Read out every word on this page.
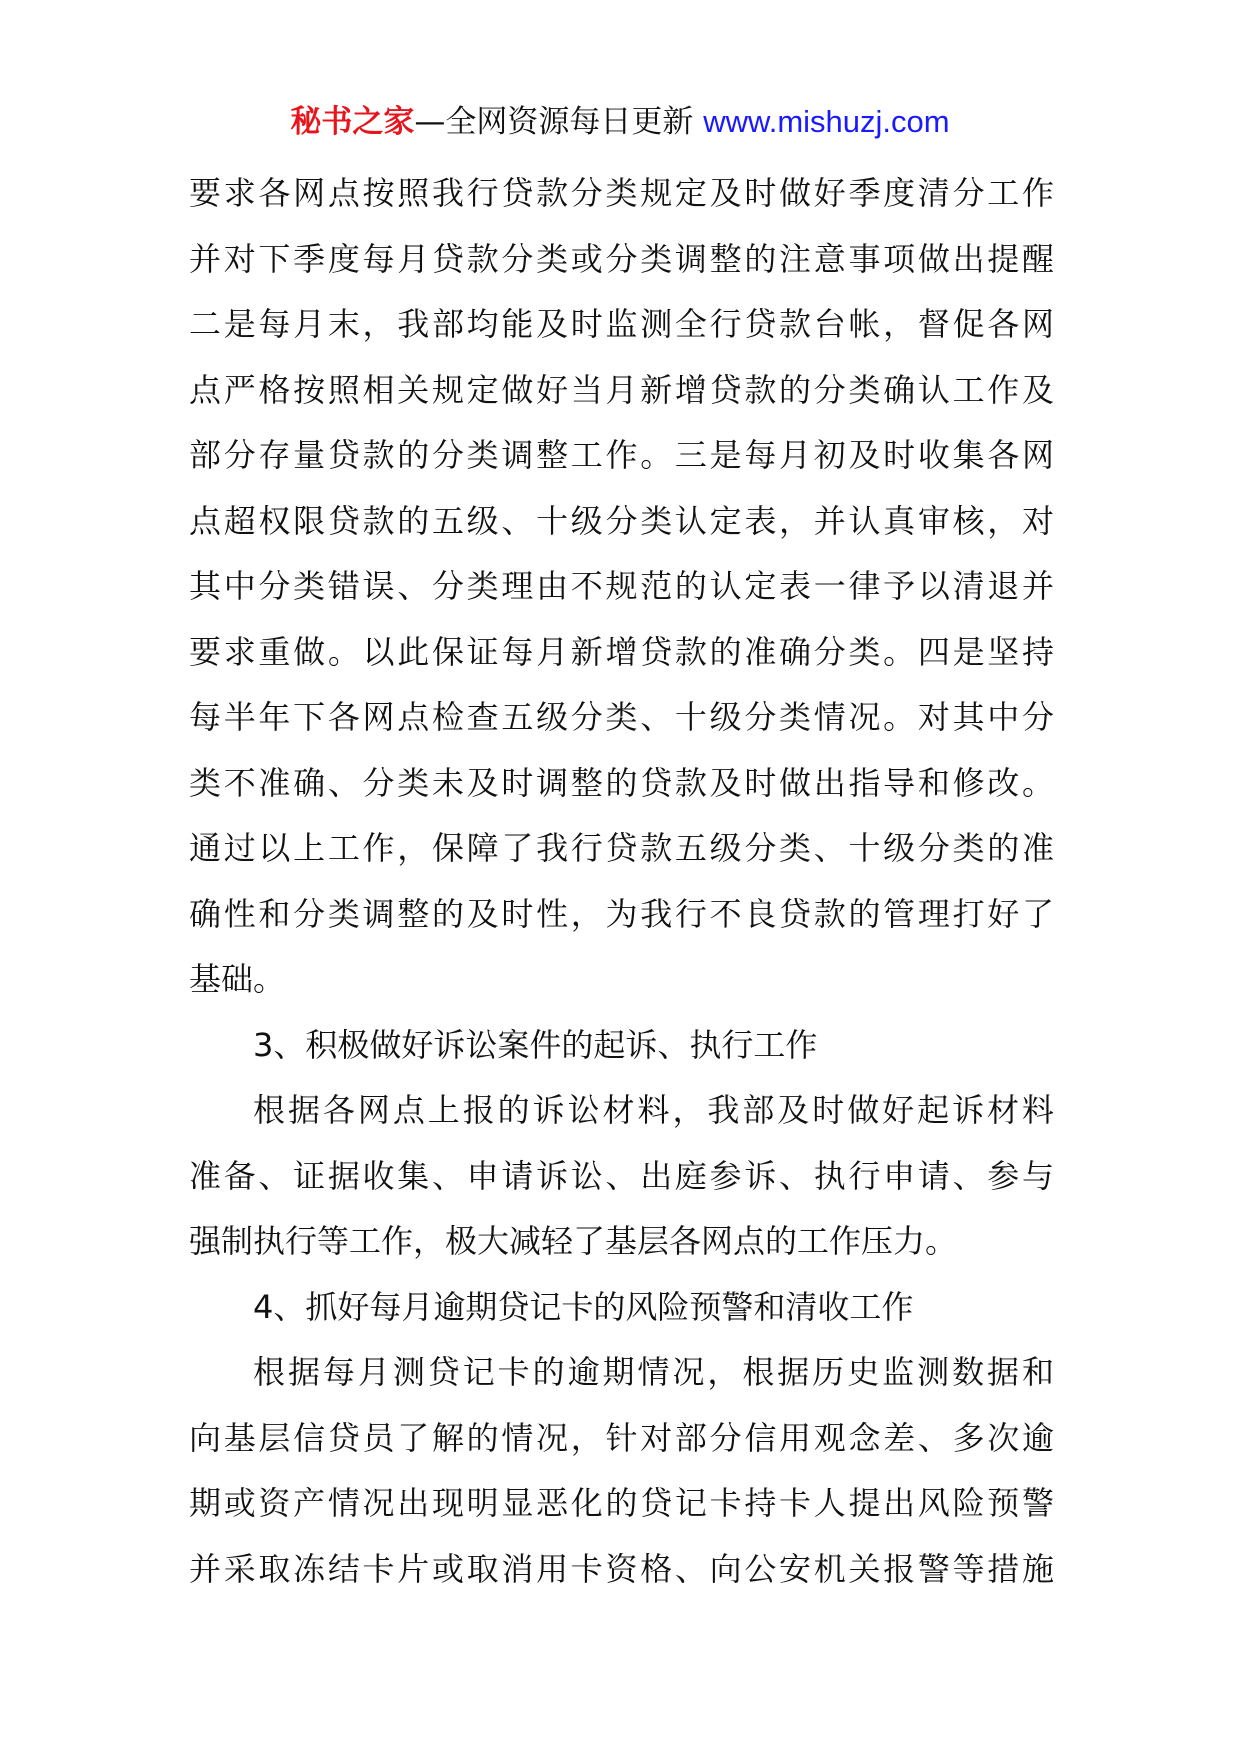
秘书之家—全网资源每日更新 www.mishuzj.com
要求各网点按照我行贷款分类规定及时做好季度清分工作
并对下季度每月贷款分类或分类调整的注意事项做出提醒
二是每月末，我部均能及时监测全行贷款台帐，督促各网
点严格按照相关规定做好当月新增贷款的分类确认工作及
部分存量贷款的分类调整工作。三是每月初及时收集各网
点超权限贷款的五级、十级分类认定表，并认真审核，对
其中分类错误、分类理由不规范的认定表一律予以清退并
要求重做。以此保证每月新增贷款的准确分类。四是坚持
每半年下各网点检查五级分类、十级分类情况。对其中分
类不准确、分类未及时调整的贷款及时做出指导和修改。
通过以上工作，保障了我行贷款五级分类、十级分类的准
确性和分类调整的及时性，为我行不良贷款的管理打好了
基础。
3、积极做好诉讼案件的起诉、执行工作
根据各网点上报的诉讼材料，我部及时做好起诉材料
准备、证据收集、申请诉讼、出庭参诉、执行申请、参与
强制执行等工作，极大减轻了基层各网点的工作压力。
4、抓好每月逾期贷记卡的风险预警和清收工作
根据每月测贷记卡的逾期情况，根据历史监测数据和
向基层信贷员了解的情况，针对部分信用观念差、多次逾
期或资产情况出现明显恶化的贷记卡持卡人提出风险预警
并采取冻结卡片或取消用卡资格、向公安机关报警等措施
